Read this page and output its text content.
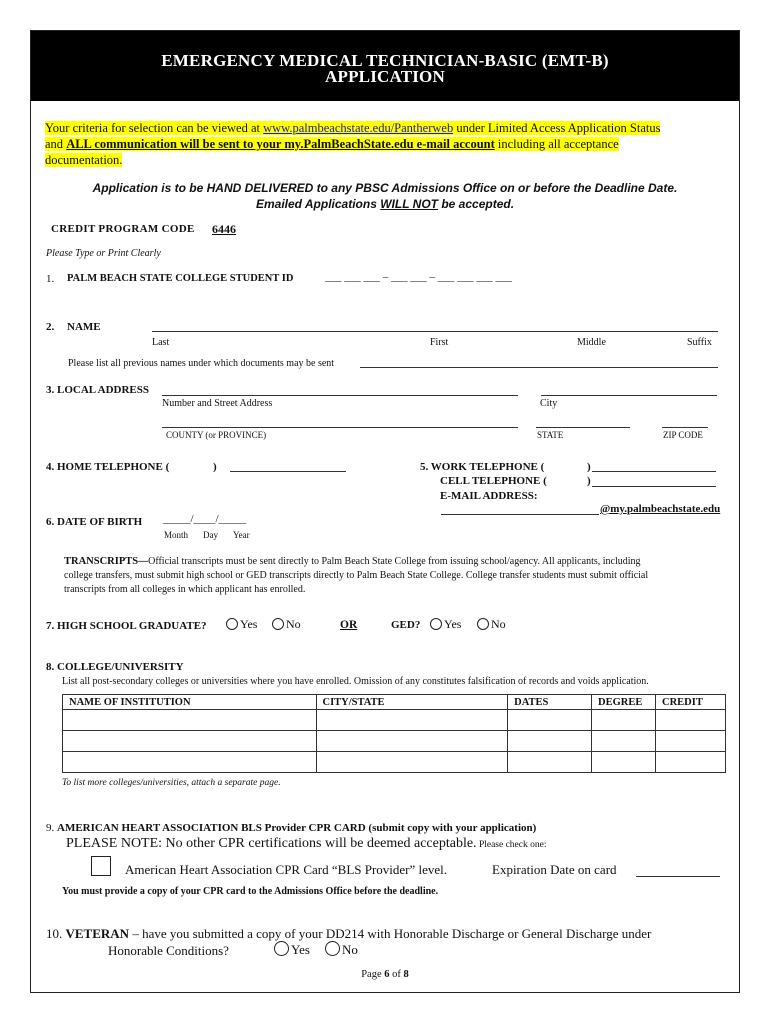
EMERGENCY MEDICAL TECHNICIAN-BASIC (EMT-B)
APPLICATION
Your criteria for selection can be viewed at www.palmbeachstate.edu/Pantherweb under Limited Access Application Status
and ALL communication will be sent to your my.PalmBeachState.edu e-mail account including all acceptance
documentation.
Application is to be HAND DELIVERED to any PBSC Admissions Office on or before the Deadline Date.
Emailed Applications WILL NOT be accepted.
CREDIT PROGRAM CODE 6446
Please Type or Print Clearly
1. PALM BEACH STATE COLLEGE STUDENT ID	___ ___ ___ – ___ ___ – ___ ___ ___ ___
2. NAME
Last	First	Middle	Suffix
Please list all previous names under which documents may be sent
3. LOCAL ADDRESS
Number and Street Address	City
COUNTY (or PROVINCE)	STATE	ZIP CODE
4. HOME TELEPHONE (	)	5. WORK TELEPHONE (	)
CELL TELEPHONE (	)
E-MAIL ADDRESS:
@my.palmbeachstate.edu
6. DATE OF BIRTH _____/____/_____
Month Day Year
TRANSCRIPTS—Official transcripts must be sent directly to Palm Beach State College from issuing school/agency. All applicants, including
college transfers, must submit high school or GED transcripts directly to Palm Beach State College. College transfer students must submit official
transcripts from all colleges in which applicant has enrolled.
7. HIGH SCHOOL GRADUATE?	Yes	No	OR	GED?	Yes	No
8. COLLEGE/UNIVERSITY
List all post-secondary colleges or universities where you have enrolled. Omission of any constitutes falsification of records and voids application.
NAME OF INSTITUTION	CITY/STATE	DATES	DEGREE	CREDIT

To list more colleges/universities, attach a separate page.
9. AMERICAN HEART ASSOCIATION BLS Provider CPR CARD (submit copy with your application)
PLEASE NOTE: No other CPR certifications will be deemed acceptable. Please check one:
American Heart Association CPR Card “BLS Provider” level.	Expiration Date on card
You must provide a copy of your CPR card to the Admissions Office before the deadline.
10. VETERAN – have you submitted a copy of your DD214 with Honorable Discharge or General Discharge under
Honorable Conditions?	Yes	No
Page 6 of 8
